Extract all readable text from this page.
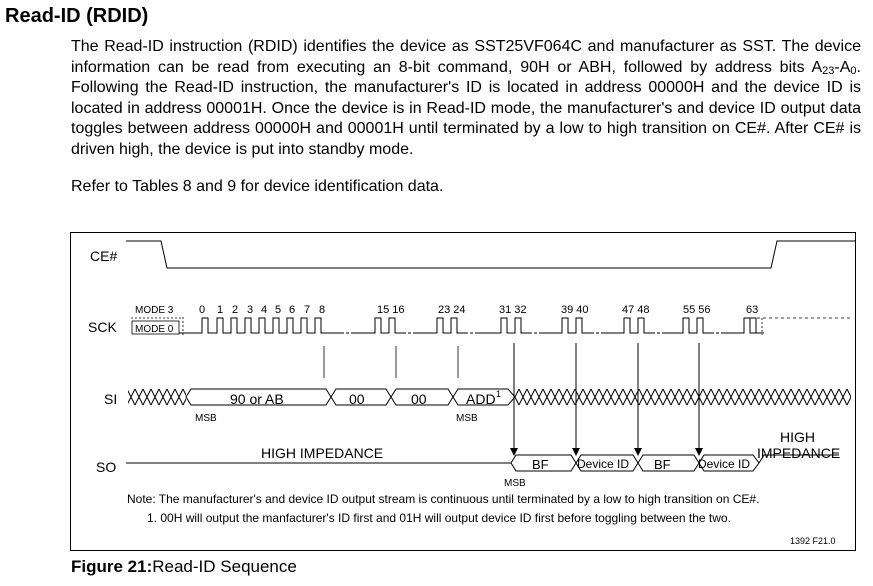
Read-ID (RDID)

The Read-ID instruction (RDID) identifies the device as SST25VF064C and manufacturer as SST. The device information can be read from executing an 8-bit command, 90H or ABH, followed by address bits $A_{23}-A_0$. Following the Read-ID instruction, the manufacturer's ID is located in address 00000H and the device ID is located in address 00001H. Once the device is in Read-ID mode, the manufacturer's and device ID output data toggles between address 00000H and 00001H until terminated by a low to high transition on CE#. After CE# is driven high, the device is put into standby mode.

Refer to Tables 8 and 9 for device identification data.

CE#
SCK
SI
SO
MODE 3
MODE 0
0 1 2 3 4 5 6 7 8	15 16	23 24	31 32	39 40	47 48	55 56	63
90 or AB	00	00	ADD 1
MSB	MSB
HIGH IMPEDANCE
BF Device ID BF Device ID
HIGH
IMPEDANCE
MSB
Note: The manufacturer's and device ID output stream is continuous until terminated by a low to high transition on CE#.
1. 00H will output the manfacturer's ID first and 01H will output device ID first before toggling between the two.
1392 F21.0

Figure 21:Read-ID Sequence
